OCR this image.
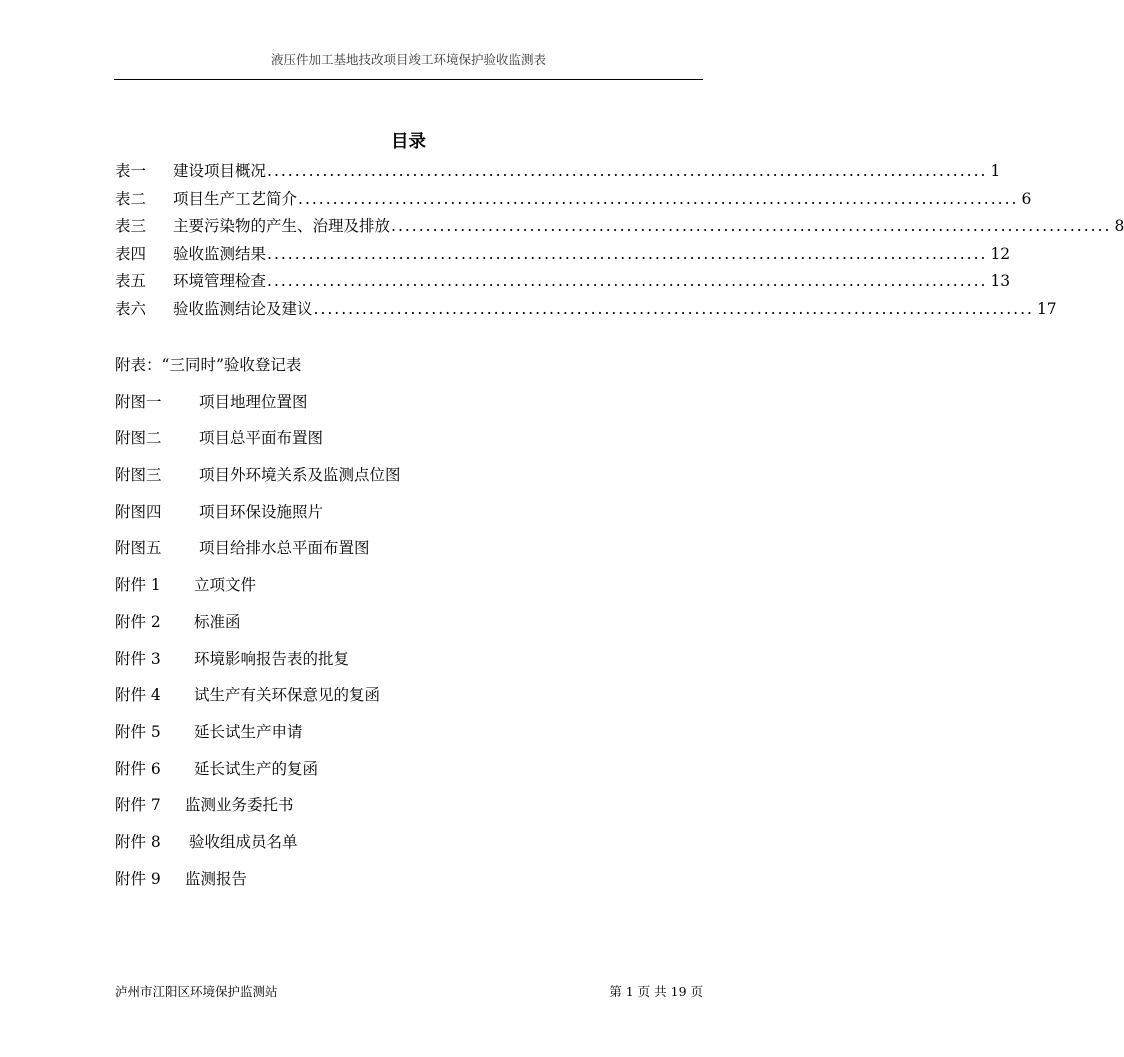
液压件加工基地技改项目竣工环境保护验收监测表
目录
表一	建设项目概况 ........................................................................................................ 1
表二	项目生产工艺简介 ........................................................................................................ 6
表三	主要污染物的产生、治理及排放 ........................................................................................................ 8
表四	验收监测结果 ........................................................................................................ 12
表五	环境管理检查 ........................................................................................................ 13
表六	验收监测结论及建议 ........................................................................................................ 17
附表：“三同时”验收登记表
附图一 项目地理位置图
附图二 项目总平面布置图
附图三 项目外环境关系及监测点位图
附图四 项目环保设施照片
附图五 项目给排水总平面布置图
附件 1 立项文件
附件 2 标准函
附件 3 环境影响报告表的批复
附件 4 试生产有关环保意见的复函
附件 5 延长试生产申请
附件 6 延长试生产的复函
附件 7 监测业务委托书
附件 8 验收组成员名单
附件 9 监测报告
泸州市江阳区环境保护监测站	第 1 页 共 19 页
